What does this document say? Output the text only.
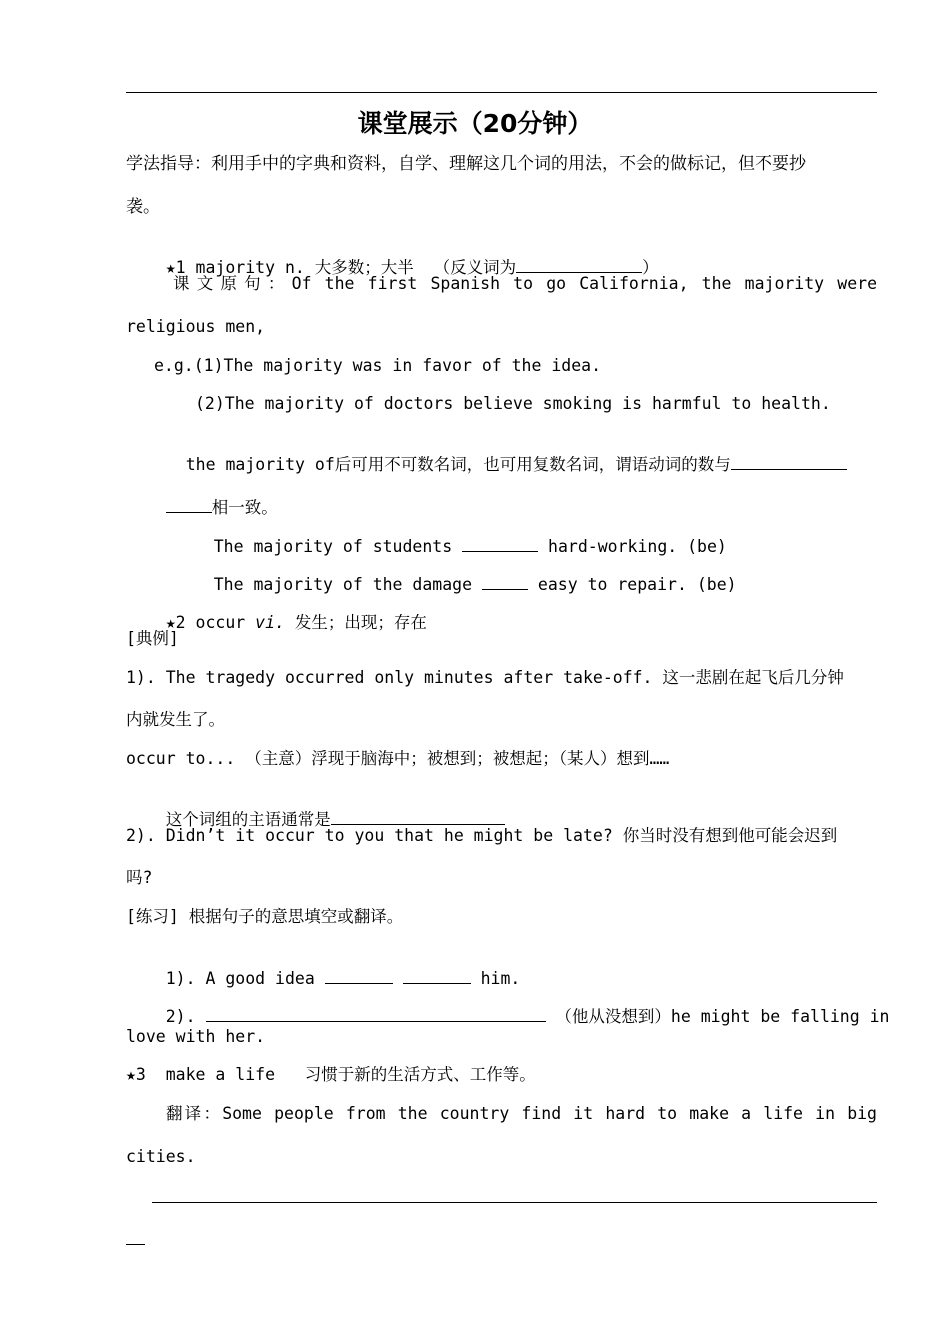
课堂展示（20分钟）
学法指导：利用手中的字典和资料，自学、理解这几个词的用法，不会的做标记，但不要抄
袭。

★1 majority n. 大多数；大半  （反义词为	）

课文原句：Of the first Spanish to go California, the majority were
religious men,
e.g.(1)The majority was in favor of the idea.
(2)The majority of doctors believe smoking is harmful to health.

the majority of后可用不可数名词，也可用复数名词，谓语动词的数与

相一致。

The majority of students	hard-working. (be)

The majority of the damage	easy to repair. (be)

★2 occur vi. 发生；出现；存在

[典例]
1). The tragedy occurred only minutes after take-off. 这一悲剧在起飞后几分钟
内就发生了。
occur to... （主意）浮现于脑海中；被想到；被想起；（某人）想到……

这个词组的主语通常是

2). Didn’t it occur to you that he might be late? 你当时没有想到他可能会迟到
吗?
[练习] 根据句子的意思填空或翻译。

1). A good idea	him.

2).	（他从没想到）he might be falling in

love with her.
★3  make a life   习惯于新的生活方式、工作等。
翻译：Some people from the country find it hard to make a life in big
cities.
